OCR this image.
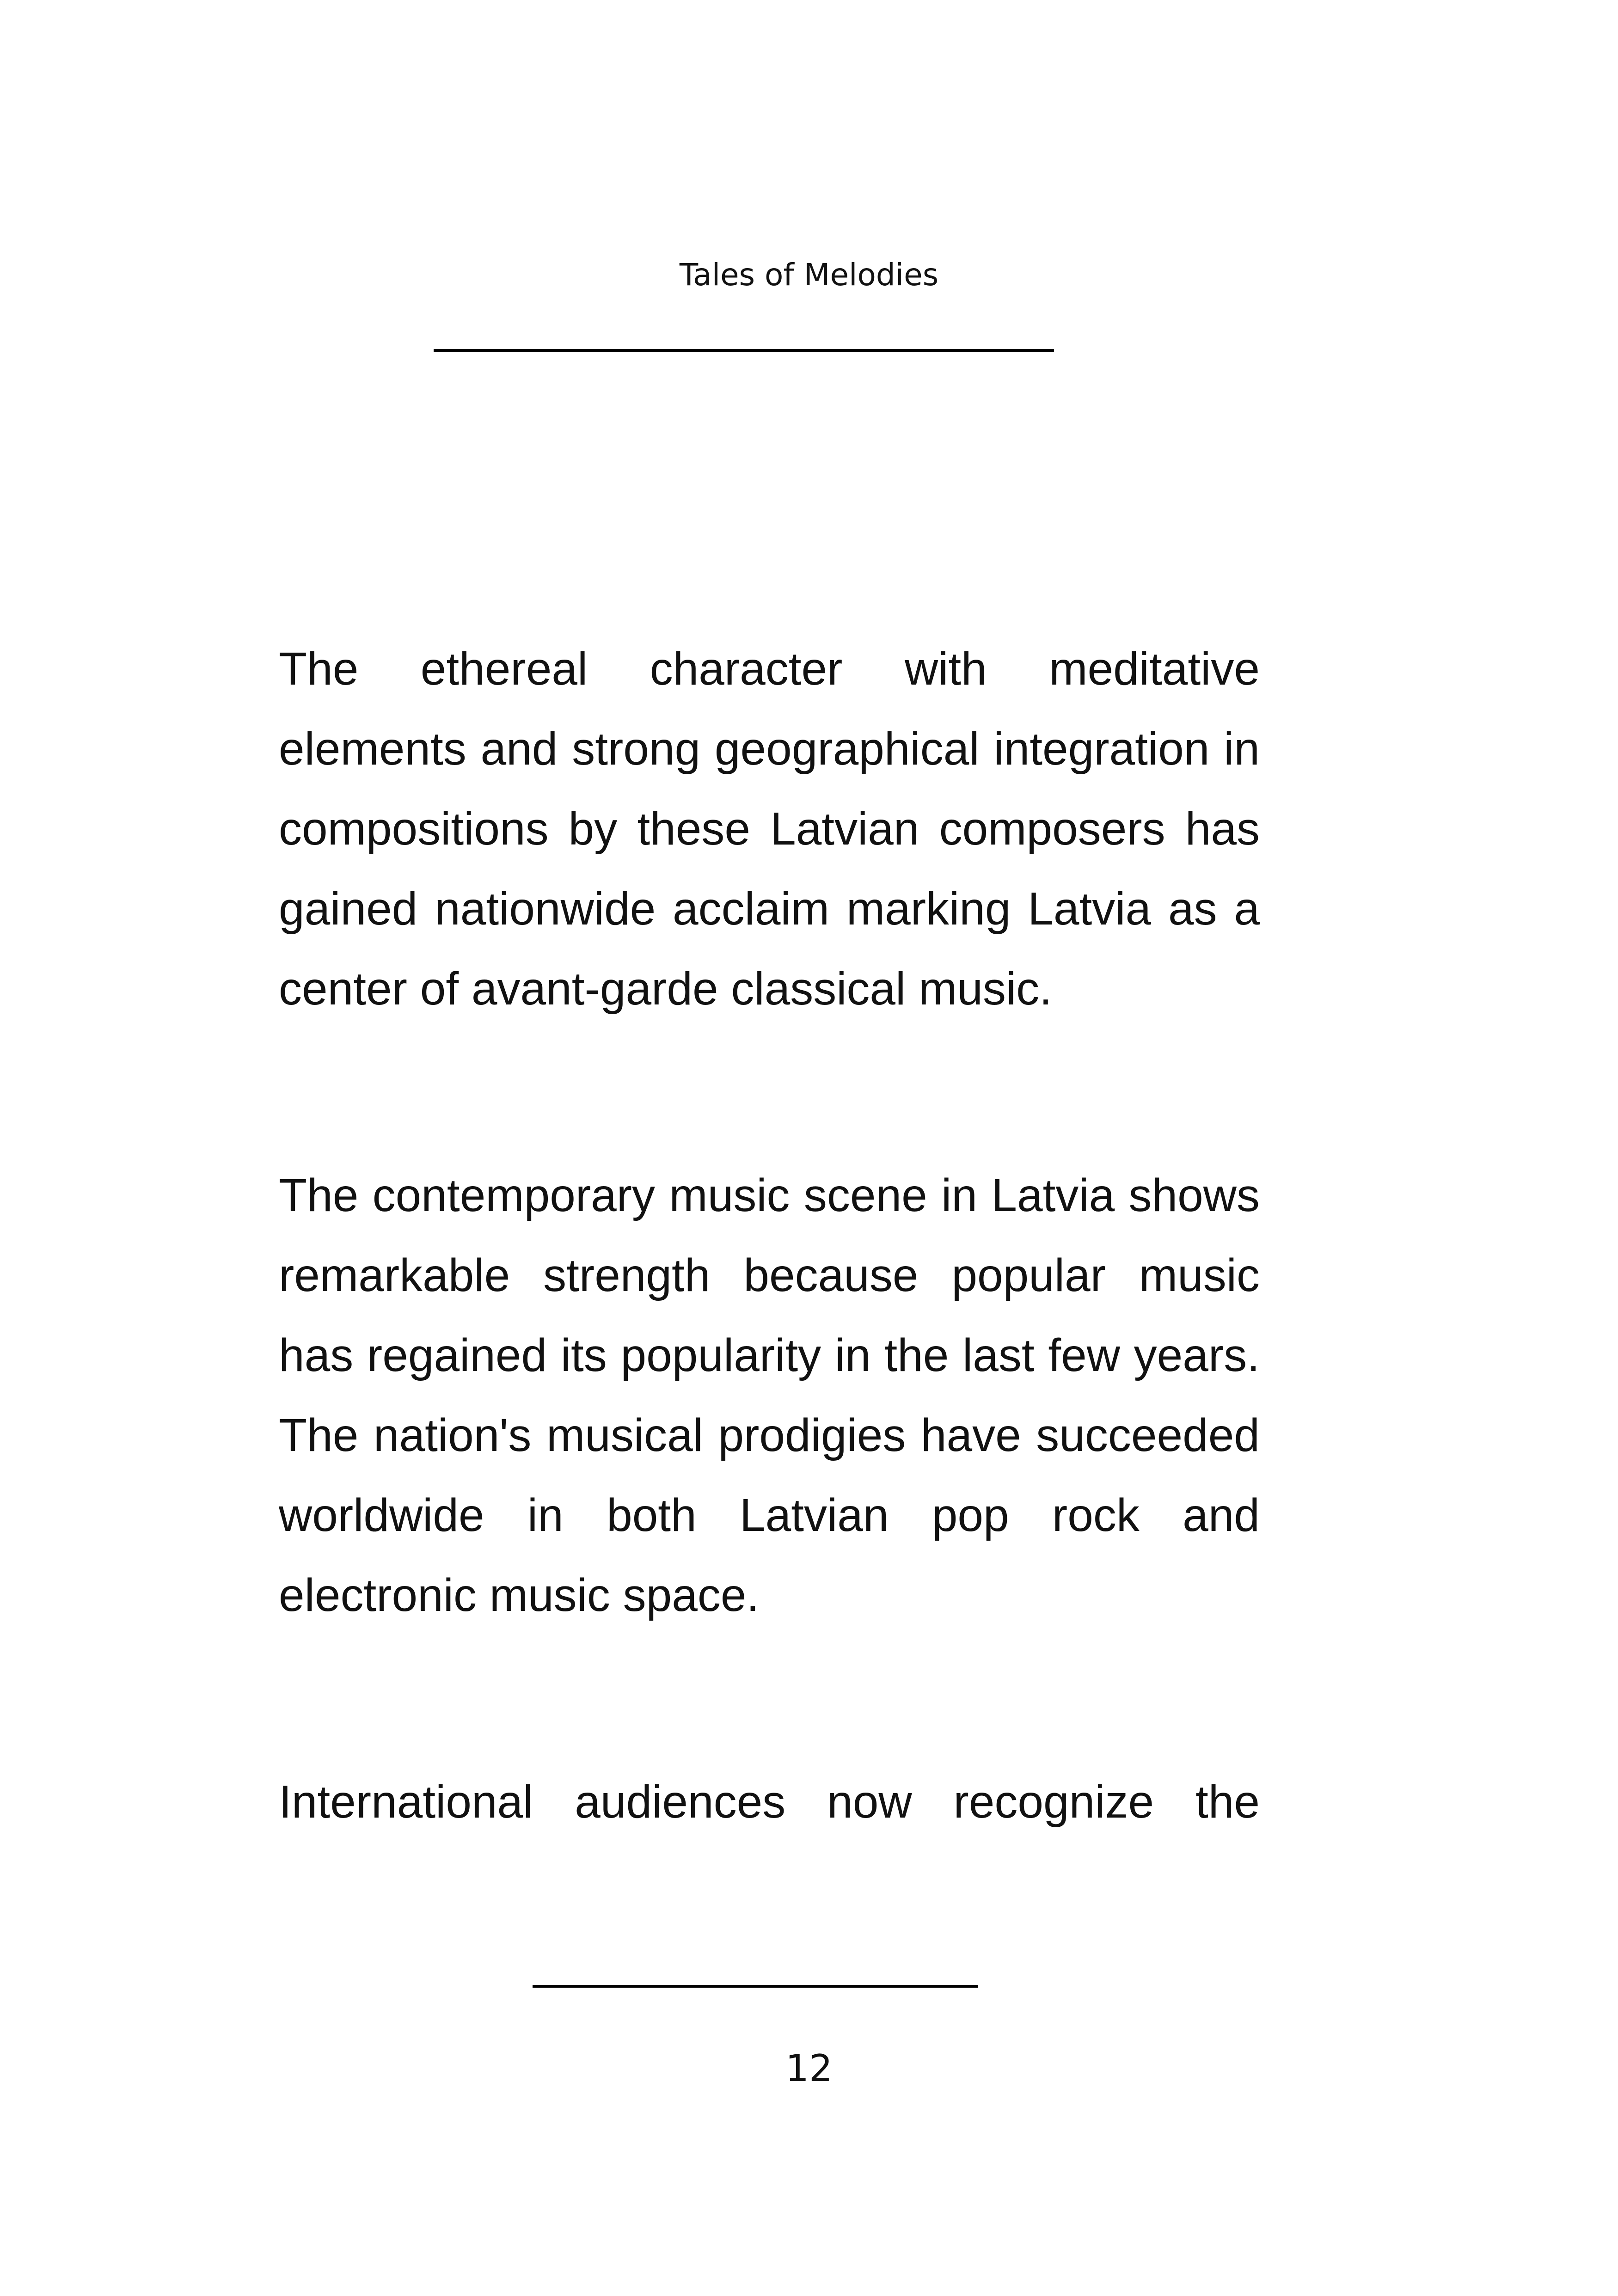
Tales of Melodies
The ethereal character with meditative
elements and strong geographical integration in
compositions by these Latvian composers has
gained nationwide acclaim marking Latvia as a
center of avant-garde classical music.
The contemporary music scene in Latvia shows
remarkable strength because popular music
has regained its popularity in the last few years.
The nation's musical prodigies have succeeded
worldwide in both Latvian pop rock and
electronic music space.
International audiences now recognize the
12
